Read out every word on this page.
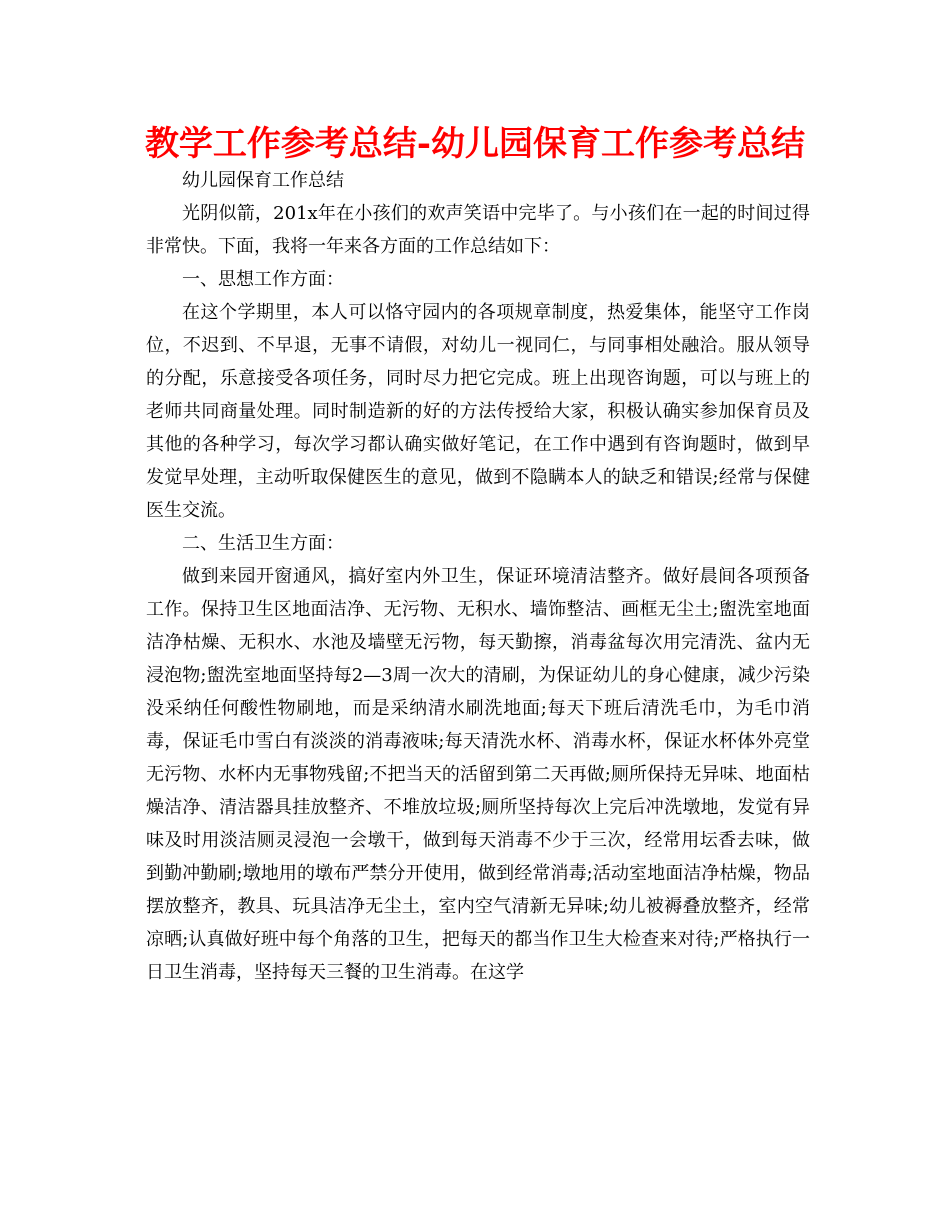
教学工作参考总结-幼儿园保育工作参考总结

幼儿园保育工作总结

光阴似箭，201x年在小孩们的欢声笑语中完毕了。与小孩们在一起的时间过得非常快。下面，我将一年来各方面的工作总结如下：

一、思想工作方面：

在这个学期里，本人可以恪守园内的各项规章制度，热爱集体，能坚守工作岗位，不迟到、不早退，无事不请假，对幼儿一视同仁，与同事相处融洽。服从领导的分配，乐意接受各项任务，同时尽力把它完成。班上出现咨询题，可以与班上的老师共同商量处理。同时制造新的好的方法传授给大家，积极认确实参加保育员及其他的各种学习，每次学习都认确实做好笔记，在工作中遇到有咨询题时，做到早发觉早处理，主动听取保健医生的意见，做到不隐瞒本人的缺乏和错误;经常与保健医生交流。

二、生活卫生方面：

做到来园开窗通风，搞好室内外卫生，保证环境清洁整齐。做好晨间各项预备工作。保持卫生区地面洁净、无污物、无积水、墙饰整洁、画框无尘土;盥洗室地面洁净枯燥、无积水、水池及墙壁无污物，每天勤擦，消毒盆每次用完清洗、盆内无浸泡物;盥洗室地面坚持每2—3周一次大的清刷，为保证幼儿的身心健康，减少污染没采纳任何酸性物刷地，而是采纳清水刷洗地面;每天下班后清洗毛巾，为毛巾消毒，保证毛巾雪白有淡淡的消毒液味;每天清洗水杯、消毒水杯，保证水杯体外亮堂无污物、水杯内无事物残留;不把当天的活留到第二天再做;厕所保持无异味、地面枯燥洁净、清洁器具挂放整齐、不堆放垃圾;厕所坚持每次上完后冲洗墩地，发觉有异味及时用淡洁厕灵浸泡一会墩干，做到每天消毒不少于三次，经常用坛香去味，做到勤冲勤刷;墩地用的墩布严禁分开使用，做到经常消毒;活动室地面洁净枯燥，物品摆放整齐，教具、玩具洁净无尘土，室内空气清新无异味;幼儿被褥叠放整齐，经常凉晒;认真做好班中每个角落的卫生，把每天的都当作卫生大检查来对待;严格执行一日卫生消毒，坚持每天三餐的卫生消毒。在这学
